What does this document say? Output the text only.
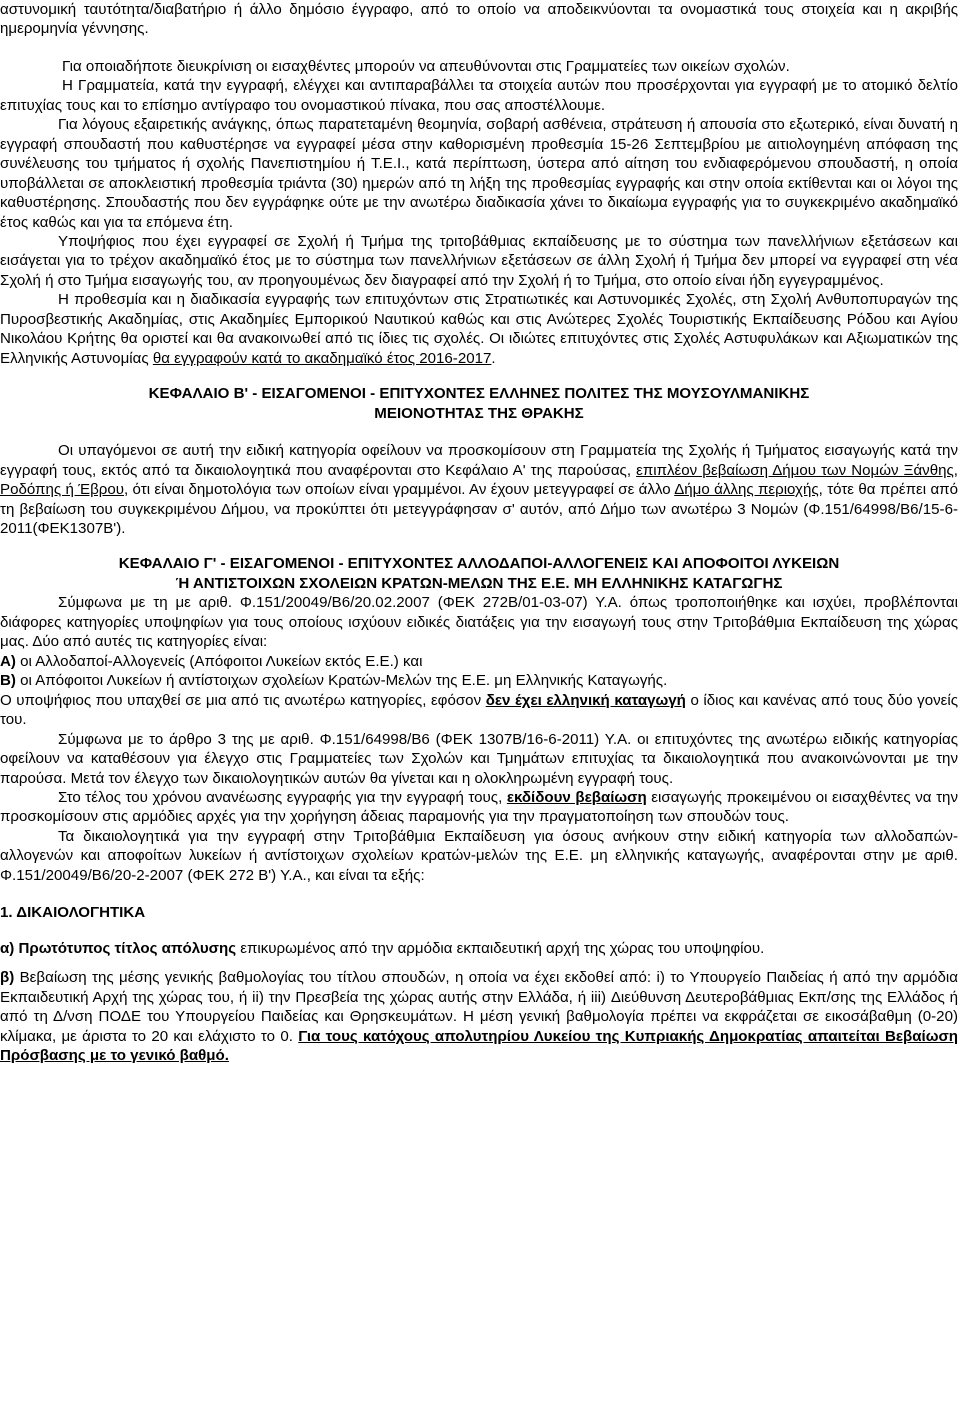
αστυνομική ταυτότητα/διαβατήριο ή άλλο δημόσιο έγγραφο, από το οποίο να αποδεικνύονται τα ονομαστικά τους στοιχεία και η ακριβής ημερομηνία γέννησης.

Για οποιαδήποτε διευκρίνιση οι εισαχθέντες μπορούν να απευθύνονται στις Γραμματείες των οικείων σχολών.

Η Γραμματεία, κατά την εγγραφή, ελέγχει και αντιπαραβάλλει τα στοιχεία αυτών που προσέρχονται για εγγραφή με το ατομικό δελτίο επιτυχίας τους και το επίσημο αντίγραφο του ονομαστικού πίνακα, που σας αποστέλλουμε.

Για λόγους εξαιρετικής ανάγκης, όπως παρατεταμένη θεομηνία, σοβαρή ασθένεια, στράτευση ή απουσία στο εξωτερικό, είναι δυνατή η εγγραφή σπουδαστή που καθυστέρησε να εγγραφεί μέσα στην καθορισμένη προθεσμία 15-26 Σεπτεμβρίου με αιτιολογημένη απόφαση της συνέλευσης του τμήματος ή σχολής Πανεπιστημίου ή Τ.Ε.Ι., κατά περίπτωση, ύστερα από αίτηση του ενδιαφερόμενου σπουδαστή, η οποία υποβάλλεται σε αποκλειστική προθεσμία τριάντα (30) ημερών από τη λήξη της προθεσμίας εγγραφής και στην οποία εκτίθενται και οι λόγοι της καθυστέρησης. Σπουδαστής που δεν εγγράφηκε ούτε με την ανωτέρω διαδικασία χάνει το δικαίωμα εγγραφής για το συγκεκριμένο ακαδημαϊκό έτος καθώς και για τα επόμενα έτη.

Υποψήφιος που έχει εγγραφεί σε Σχολή ή Τμήμα της τριτοβάθμιας εκπαίδευσης με το σύστημα των πανελλήνιων εξετάσεων και εισάγεται για το τρέχον ακαδημαϊκό έτος με το σύστημα των πανελλήνιων εξετάσεων σε άλλη Σχολή ή Τμήμα δεν μπορεί να εγγραφεί στη νέα Σχολή ή στο Τμήμα εισαγωγής του, αν προηγουμένως δεν διαγραφεί από την Σχολή ή το Τμήμα, στο οποίο είναι ήδη εγγεγραμμένος.

Η προθεσμία και η διαδικασία εγγραφής των επιτυχόντων στις Στρατιωτικές και Αστυνομικές Σχολές, στη Σχολή Ανθυποπυραγών της Πυροσβεστικής Ακαδημίας, στις Ακαδημίες Εμπορικού Ναυτικού καθώς και στις Ανώτερες Σχολές Τουριστικής Εκπαίδευσης Ρόδου και Αγίου Νικολάου Κρήτης θα οριστεί και θα ανακοινωθεί από τις ίδιες τις σχολές. Οι ιδιώτες επιτυχόντες στις Σχολές Αστυφυλάκων και Αξιωματικών της Ελληνικής Αστυνομίας θα εγγραφούν κατά το ακαδημαϊκό έτος 2016-2017.

ΚΕΦΑΛΑΙΟ Β' - ΕΙΣΑΓΟΜΕΝΟΙ - ΕΠΙΤΥΧΟΝΤΕΣ ΕΛΛΗΝΕΣ ΠΟΛΙΤΕΣ ΤΗΣ ΜΟΥΣΟΥΛΜΑΝΙΚΗΣ
ΜΕΙΟΝΟΤΗΤΑΣ ΤΗΣ ΘΡΑΚΗΣ

Οι υπαγόμενοι σε αυτή την ειδική κατηγορία οφείλουν να προσκομίσουν στη Γραμματεία της Σχολής ή Τμήματος εισαγωγής κατά την εγγραφή τους, εκτός από τα δικαιολογητικά που αναφέρονται στο Κεφάλαιο Α' της παρούσας, επιπλέον βεβαίωση Δήμου των Νομών Ξάνθης, Ροδόπης ή Έβρου, ότι είναι δημοτολόγια των οποίων είναι γραμμένοι. Αν έχουν μετεγγραφεί σε άλλο Δήμο άλλης περιοχής, τότε θα πρέπει από τη βεβαίωση του συγκεκριμένου Δήμου, να προκύπτει ότι μετεγγράφησαν σ' αυτόν, από Δήμο των ανωτέρω 3 Νομών (Φ.151/64998/Β6/15-6-2011(ΦΕΚ1307Β').

ΚΕΦΑΛΑΙΟ Γ' - ΕΙΣΑΓΟΜΕΝΟΙ - ΕΠΙΤΥΧΟΝΤΕΣ ΑΛΛΟΔΑΠΟΙ-ΑΛΛΟΓΕΝΕΙΣ ΚΑΙ ΑΠΟΦΟΙΤΟΙ ΛΥΚΕΙΩΝ
Ή ΑΝΤΙΣΤΟΙΧΩΝ ΣΧΟΛΕΙΩΝ ΚΡΑΤΩΝ-ΜΕΛΩΝ ΤΗΣ Ε.Ε. ΜΗ ΕΛΛΗΝΙΚΗΣ ΚΑΤΑΓΩΓΗΣ

Σύμφωνα με τη με αριθ. Φ.151/20049/Β6/20.02.2007 (ΦΕΚ 272Β/01-03-07) Υ.Α. όπως τροποποιήθηκε και ισχύει, προβλέπονται διάφορες κατηγορίες υποψηφίων για τους οποίους ισχύουν ειδικές διατάξεις για την εισαγωγή τους στην Τριτοβάθμια Εκπαίδευση της χώρας μας. Δύο από αυτές τις κατηγορίες είναι:

Α) οι Αλλοδαποί-Αλλογενείς (Απόφοιτοι Λυκείων εκτός Ε.Ε.) και

Β) οι Απόφοιτοι Λυκείων ή αντίστοιχων σχολείων Κρατών-Μελών της Ε.Ε. μη Ελληνικής Καταγωγής.

Ο υποψήφιος που υπαχθεί σε μια από τις ανωτέρω κατηγορίες, εφόσον δεν έχει ελληνική καταγωγή ο ίδιος και κανένας από τους δύο γονείς του.

Σύμφωνα με το άρθρο 3 της με αριθ. Φ.151/64998/Β6 (ΦΕΚ 1307Β/16-6-2011) Υ.Α. οι επιτυχόντες της ανωτέρω ειδικής κατηγορίας οφείλουν να καταθέσουν για έλεγχο στις Γραμματείες των Σχολών και Τμημάτων επιτυχίας τα δικαιολογητικά που ανακοινώνονται με την παρούσα. Μετά τον έλεγχο των δικαιολογητικών αυτών θα γίνεται και η ολοκληρωμένη εγγραφή τους.

Στο τέλος του χρόνου ανανέωσης εγγραφής για την εγγραφή τους, εκδίδουν βεβαίωση εισαγωγής προκειμένου οι εισαχθέντες να την προσκομίσουν στις αρμόδιες αρχές για την χορήγηση άδειας παραμονής για την πραγματοποίηση των σπουδών τους.

Τα δικαιολογητικά για την εγγραφή στην Τριτοβάθμια Εκπαίδευση για όσους ανήκουν στην ειδική κατηγορία των αλλοδαπών-αλλογενών και αποφοίτων λυκείων ή αντίστοιχων σχολείων κρατών-μελών της Ε.Ε. μη ελληνικής καταγωγής, αναφέρονται στην με αριθ. Φ.151/20049/Β6/20-2-2007 (ΦΕΚ 272 Β') Υ.Α., και είναι τα εξής:

1. ΔΙΚΑΙΟΛΟΓΗΤΙΚΑ

α) Πρωτότυπος τίτλος απόλυσης επικυρωμένος από την αρμόδια εκπαιδευτική αρχή της χώρας του υποψηφίου.

β) Βεβαίωση της μέσης γενικής βαθμολογίας του τίτλου σπουδών, η οποία να έχει εκδοθεί από: i) το Υπουργείο Παιδείας ή από την αρμόδια Εκπαιδευτική Αρχή της χώρας του, ή ii) την Πρεσβεία της χώρας αυτής στην Ελλάδα, ή iii) Διεύθυνση Δευτεροβάθμιας Εκπ/σης της Ελλάδος ή από τη Δ/νση ΠΟΔΕ του Υπουργείου Παιδείας και Θρησκευμάτων. Η μέση γενική βαθμολογία πρέπει να εκφράζεται σε εικοσάβαθμη (0-20) κλίμακα, με άριστα το 20 και ελάχιστο το 0. Για τους κατόχους απολυτηρίου Λυκείου της Κυπριακής Δημοκρατίας απαιτείται Βεβαίωση Πρόσβασης με το γενικό βαθμό.
